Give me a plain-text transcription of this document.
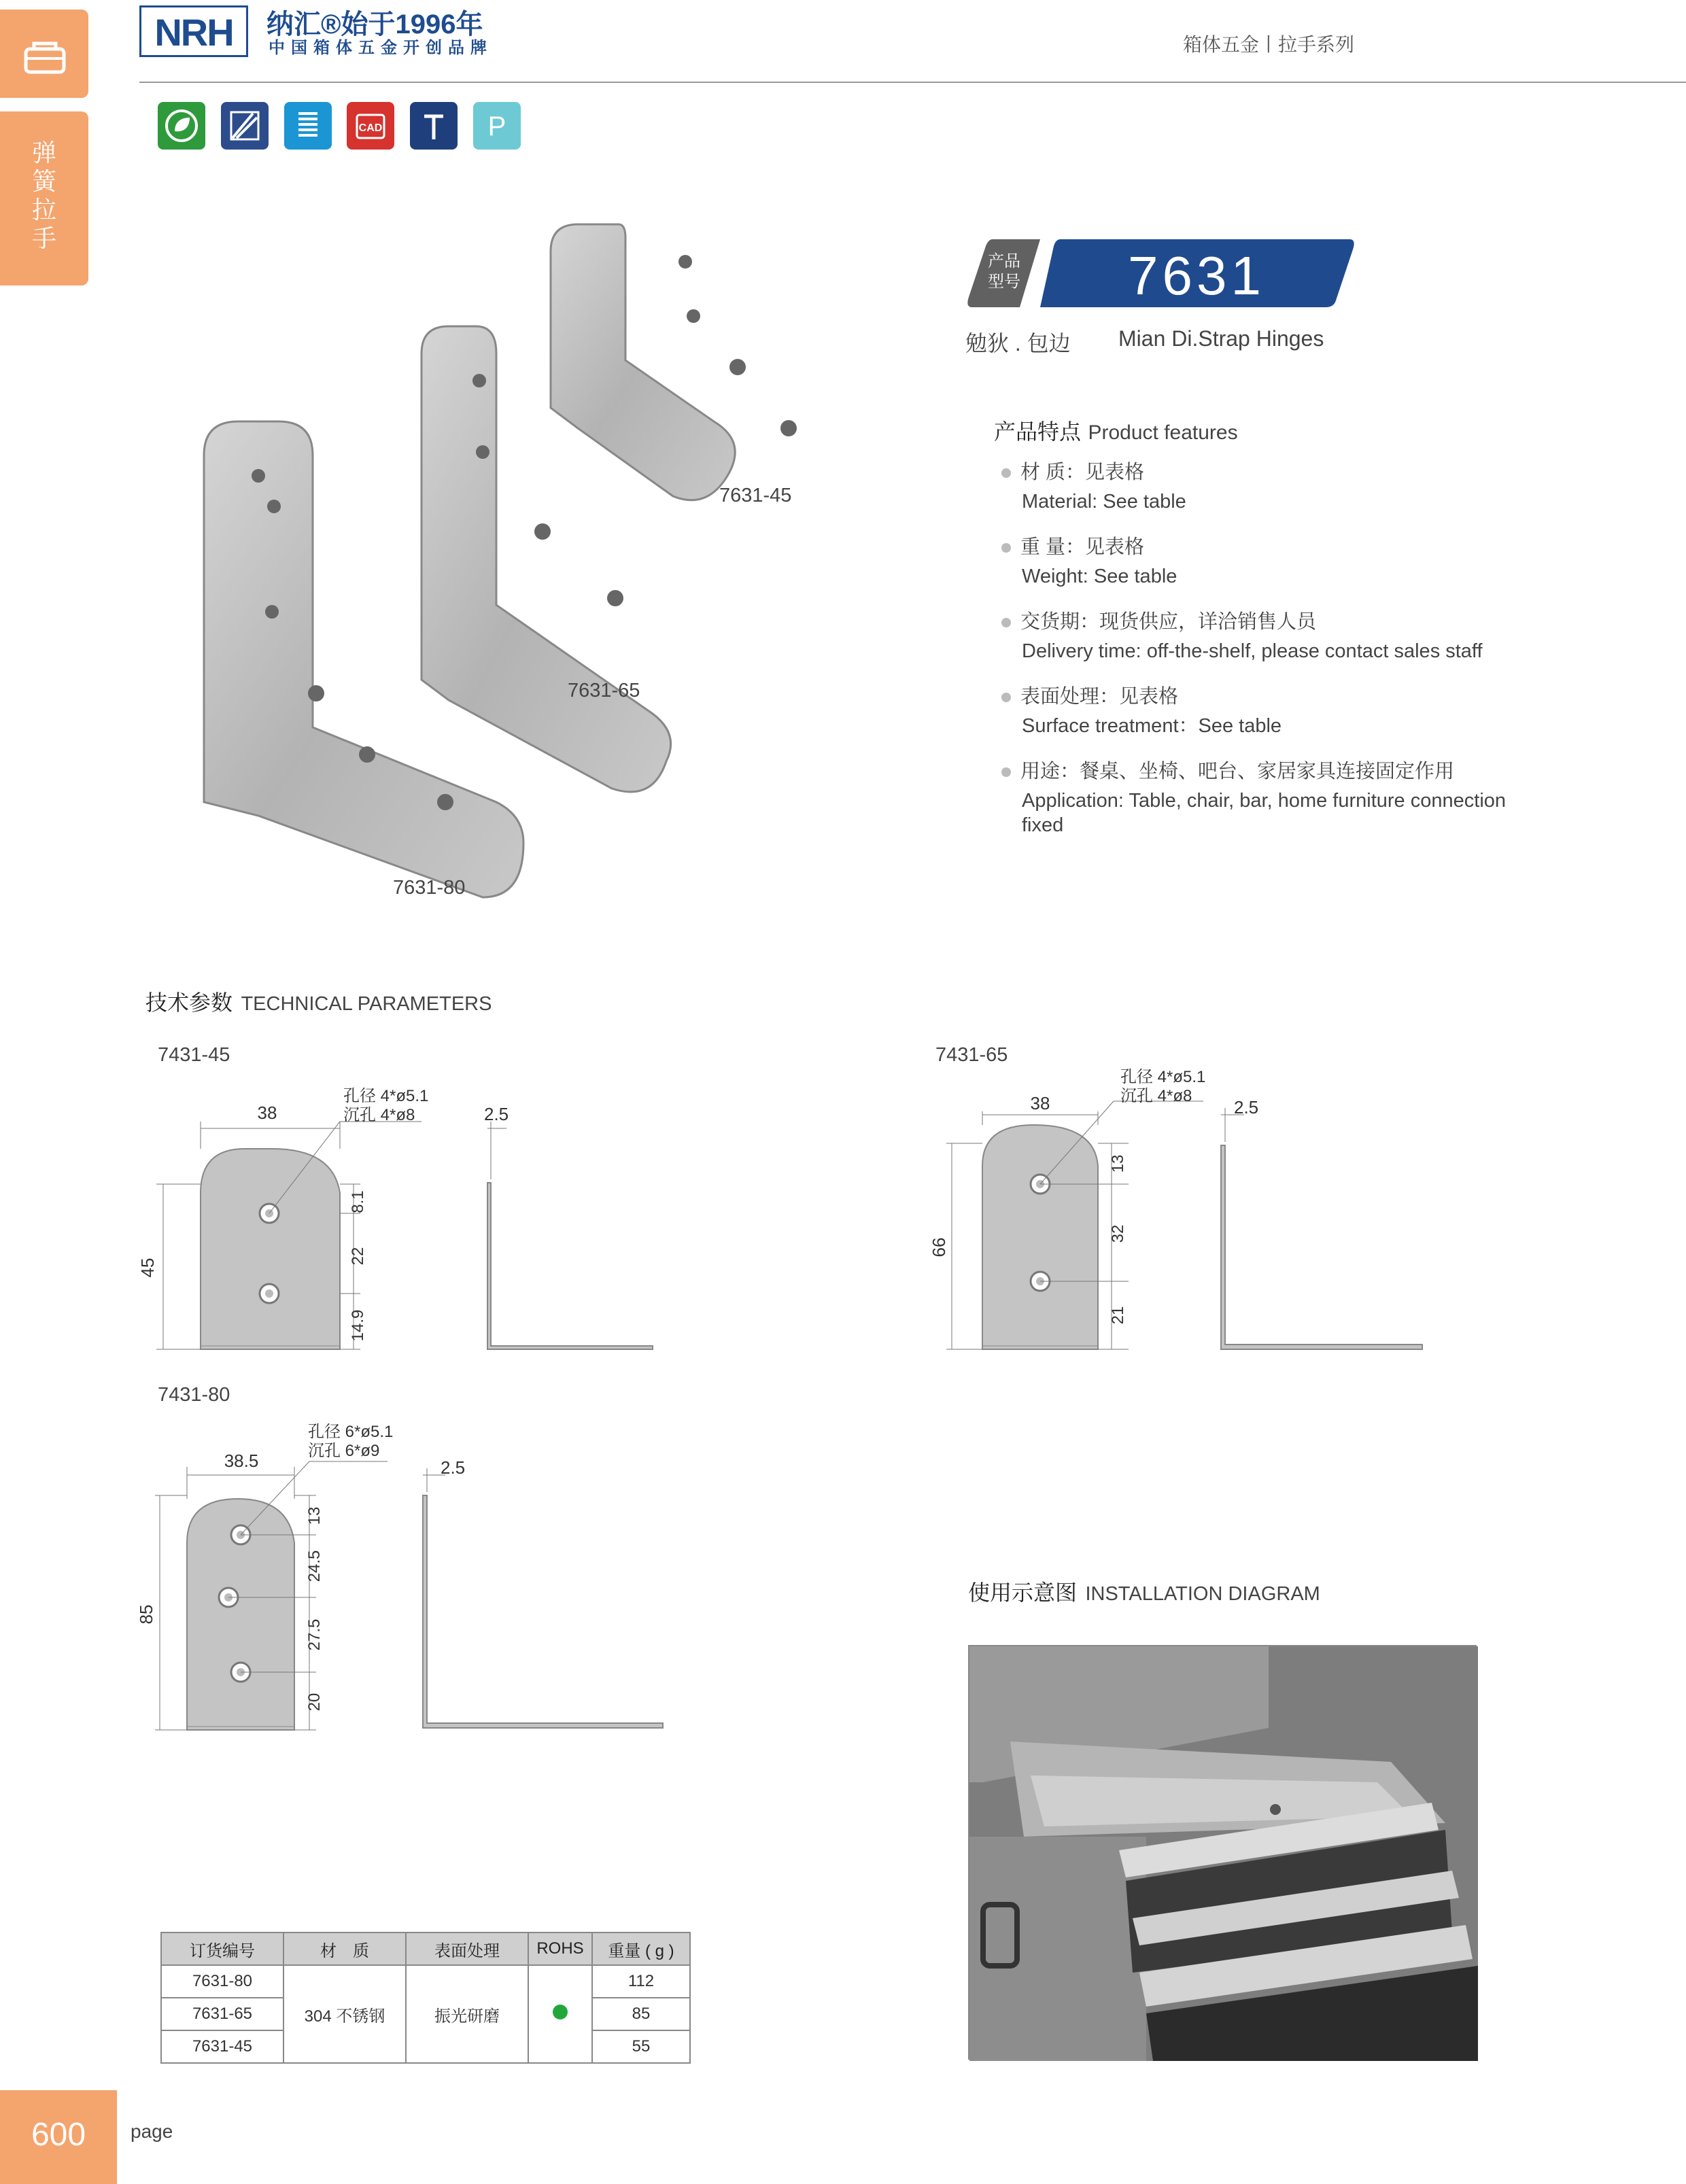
弹簧拉手
NRH	纳汇®始于1996年
中国箱体五金开创品牌	箱体五金丨拉手系列
CAD	P
7631-45
7631-65
7631-80
产品
型号	7631
勉狄 . 包边 Mian Di.Strap Hinges
产品特点 Product features
材 质：见表格
Material: See table
重 量：见表格
Weight: See table
交货期：现货供应，详洽销售人员
Delivery time: off-the-shelf, please contact sales staff
表面处理：见表格
Surface treatment：See table
用途：餐桌、坐椅、吧台、家居家具连接固定作用
Application: Table, chair, bar, home furniture connection fixed
技术参数 TECHNICAL PARAMETERS
7431-45
38
45
8.1
22
14.9
2.5
孔径 4*ø5.1
沉孔 4*ø8
7431-65
38
66
13
32
21
2.5
孔径 4*ø5.1
沉孔 4*ø8
7431-80
38.5
85
13
24.5
27.5
20
2.5
孔径 6*ø5.1
沉孔 6*ø9
使用示意图 INSTALLATION DIAGRAM
订货编号	材　质	表面处理	ROHS	重量 ( g )
7631-80	304 不锈钢	振光研磨		112
7631-65				85
7631-45				55
600	page
